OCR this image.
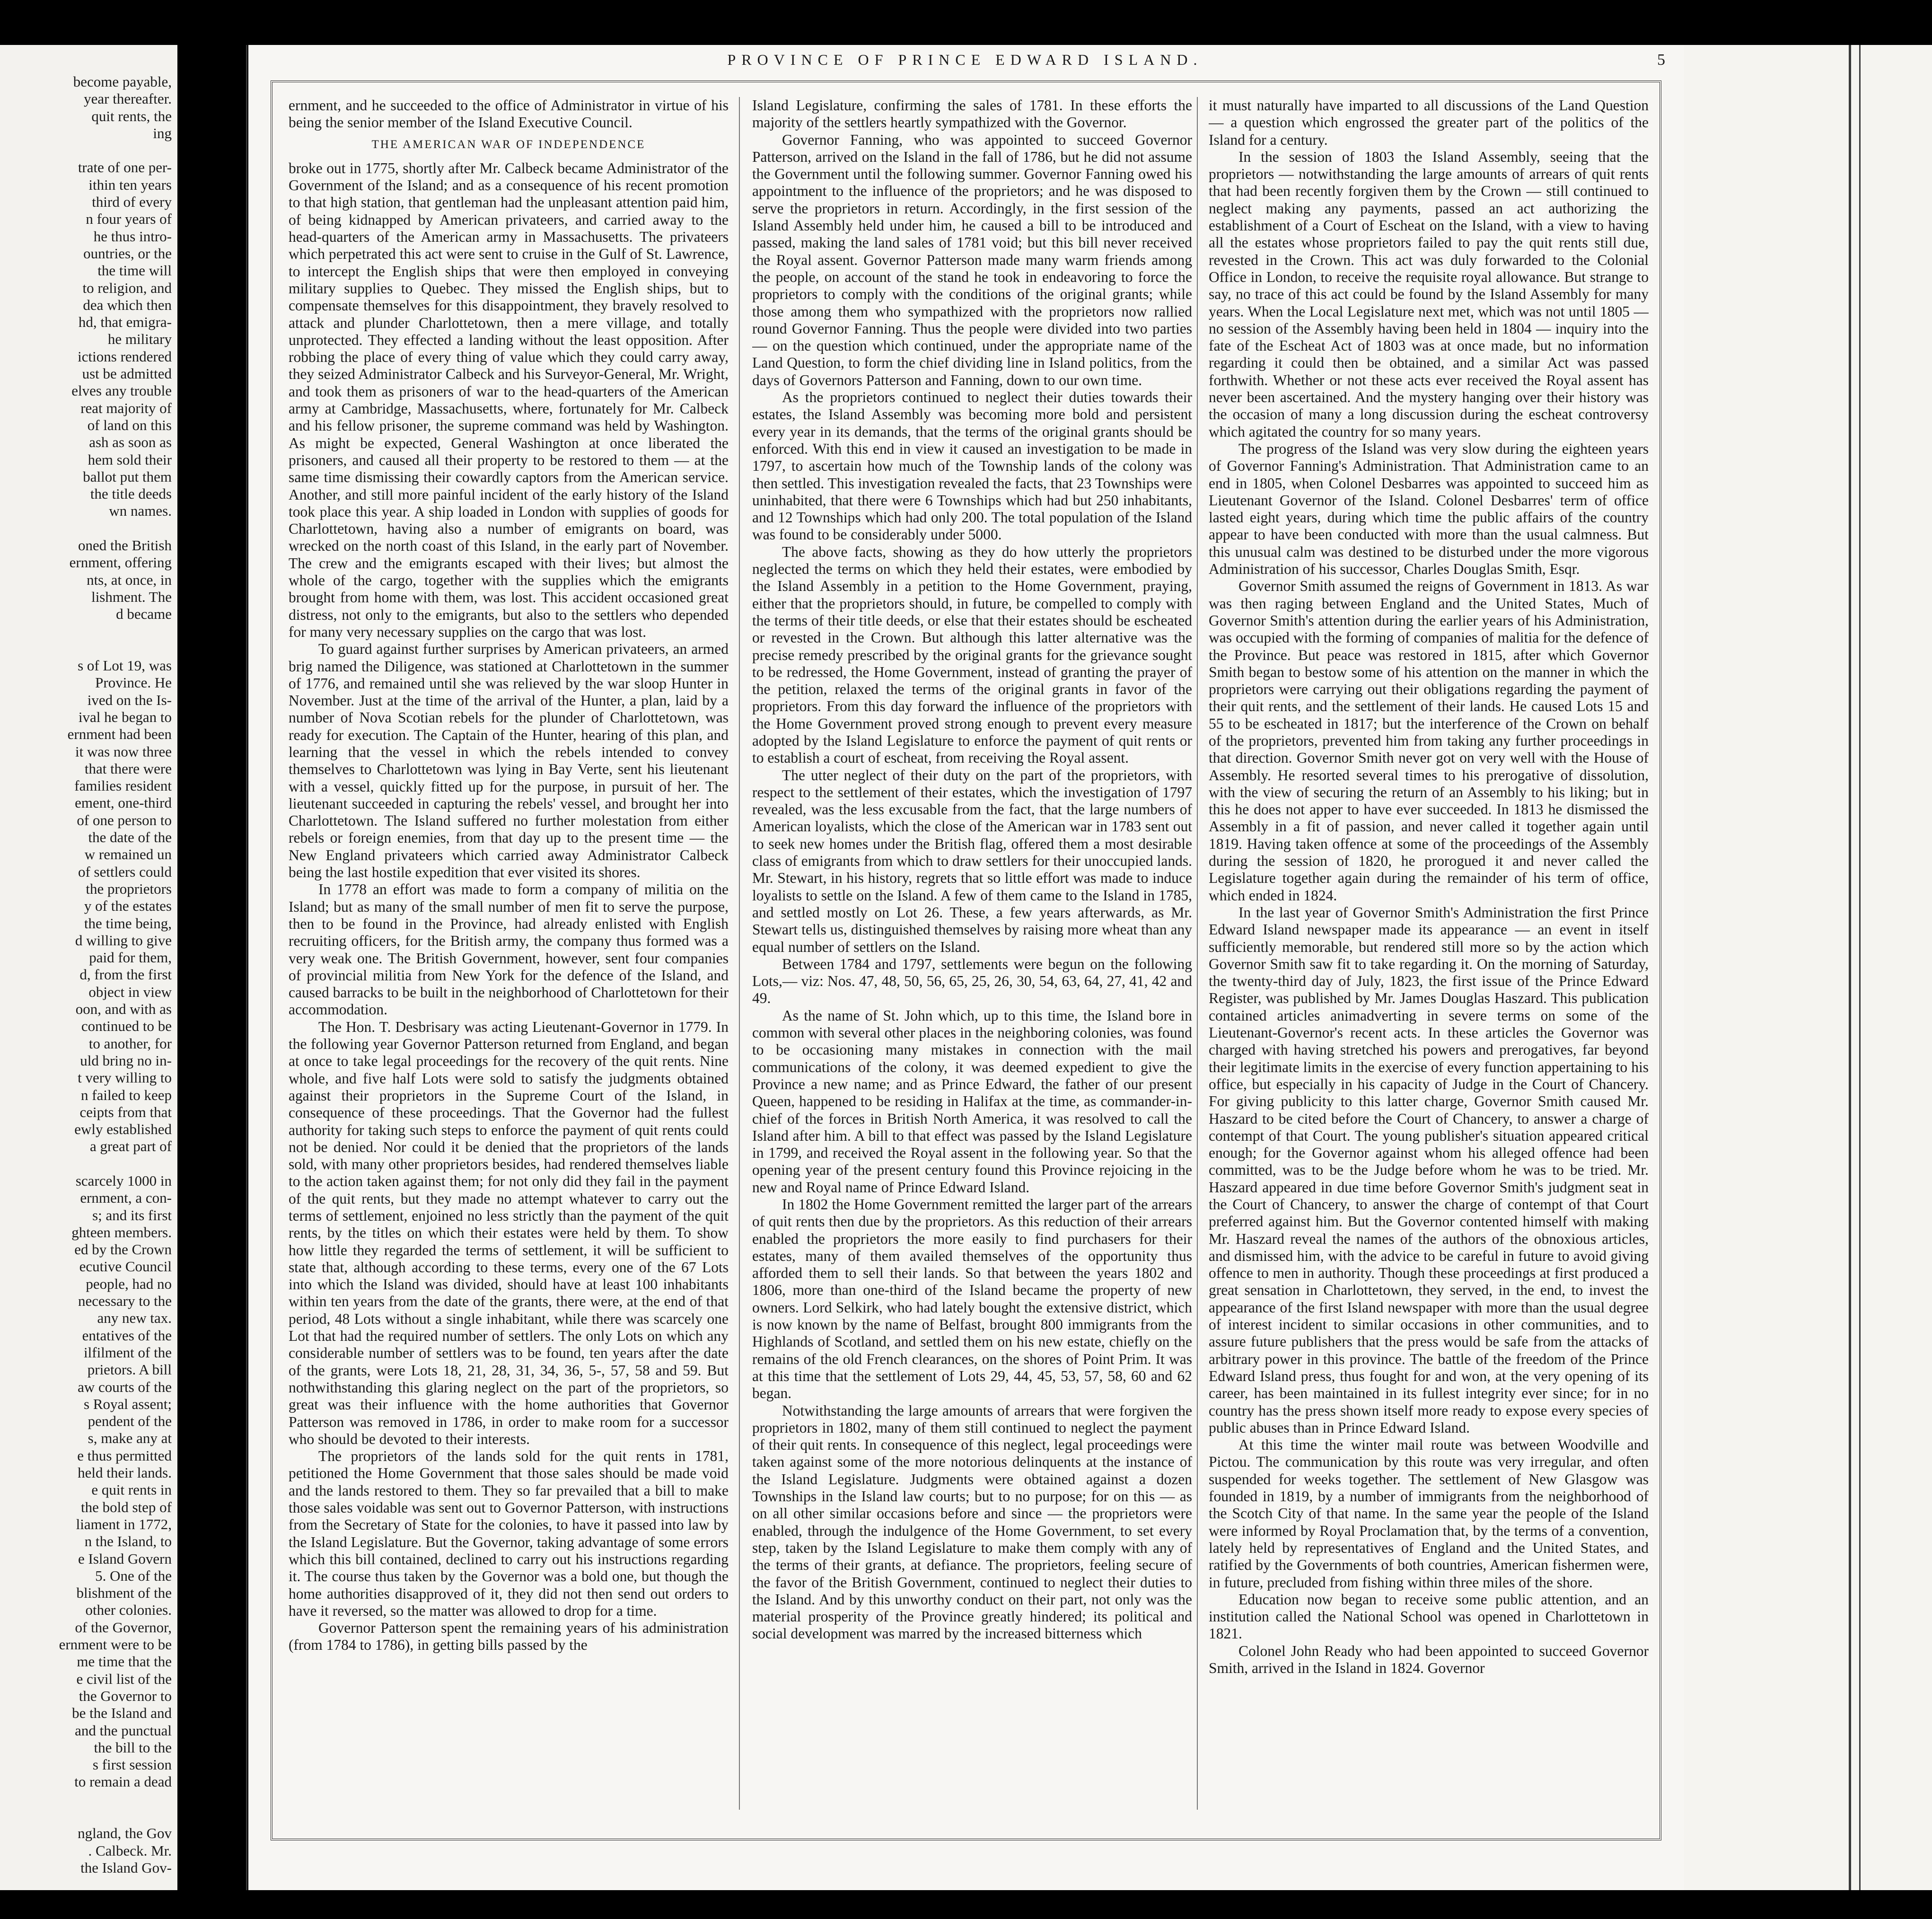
become payable,
year thereafter.
quit rents, the
ing
trate of one per-
ithin ten years
third of every
n four years of
he thus intro-
ountries, or the
the time will
to religion, and
dea which then
hd, that emigra-
he military
ictions rendered
ust be admitted
elves any trouble
reat majority of
of land on this
ash as soon as
hem sold their
ballot put them
the title deeds
wn names.
oned the British
ernment, offering
nts, at once, in
lishment. The
d became
s of Lot 19, was
Province. He
ived on the Is-
ival he began to
ernment had been
it was now three
that there were
families resident
ement, one-third
of one person to
the date of the
w remained un
of settlers could
the proprietors
y of the estates
the time being,
d willing to give
paid for them,
d, from the first
object in view
oon, and with as
continued to be
to another, for
uld bring no in-
t very willing to
n failed to keep
ceipts from that
ewly established
a great part of
scarcely 1000 in
ernment, a con-
s; and its first
ghteen members.
ed by the Crown
ecutive Council
people, had no
necessary to the
any new tax.
entatives of the
ilfilment of the
prietors. A bill
aw courts of the
s Royal assent;
pendent of the
s, make any at
e thus permitted
held their lands.
e quit rents in
the bold step of
liament in 1772,
n the Island, to
e Island Govern
5. One of the
blishment of the
other colonies.
of the Governor,
ernment were to be
me time that the
e civil list of the
the Governor to
be the Island and
and the punctual
the bill to the
s first session
to remain a dead
ngland, the Gov
. Calbeck. Mr.
the Island Gov-
PROVINCE OF PRINCE EDWARD ISLAND.	5

ernment, and he succeeded to the office of Administrator in virtue of his being the senior member of the Island Executive Council.

THE AMERICAN WAR OF INDEPENDENCE

broke out in 1775, shortly after Mr. Calbeck became Administrator of the Government of the Island; and as a consequence of his recent promotion to that high station, that gentleman had the unpleasant attention paid him, of being kidnapped by American privateers, and carried away to the head-quarters of the American army in Massachusetts. The privateers which perpetrated this act were sent to cruise in the Gulf of St. Lawrence, to intercept the English ships that were then employed in conveying military supplies to Quebec. They missed the English ships, but to compensate themselves for this disappointment, they bravely resolved to attack and plunder Charlottetown, then a mere village, and totally unprotected. They effected a landing without the least opposition. After robbing the place of every thing of value which they could carry away, they seized Administrator Calbeck and his Surveyor-General, Mr. Wright, and took them as prisoners of war to the head-quarters of the American army at Cambridge, Massachusetts, where, fortunately for Mr. Calbeck and his fellow prisoner, the supreme command was held by Washington. As might be expected, General Washington at once liberated the prisoners, and caused all their property to be restored to them — at the same time dismissing their cowardly captors from the American service. Another, and still more painful incident of the early history of the Island took place this year. A ship loaded in London with supplies of goods for Charlottetown, having also a number of emigrants on board, was wrecked on the north coast of this Island, in the early part of November. The crew and the emigrants escaped with their lives; but almost the whole of the cargo, together with the supplies which the emigrants brought from home with them, was lost. This accident occasioned great distress, not only to the emigrants, but also to the settlers who depended for many very necessary supplies on the cargo that was lost.

To guard against further surprises by American privateers, an armed brig named the Diligence, was stationed at Charlottetown in the summer of 1776, and remained until she was relieved by the war sloop Hunter in November. Just at the time of the arrival of the Hunter, a plan, laid by a number of Nova Scotian rebels for the plunder of Charlottetown, was ready for execution. The Captain of the Hunter, hearing of this plan, and learning that the vessel in which the rebels intended to convey themselves to Charlottetown was lying in Bay Verte, sent his lieutenant with a vessel, quickly fitted up for the purpose, in pursuit of her. The lieutenant succeeded in capturing the rebels' vessel, and brought her into Charlottetown. The Island suffered no further molestation from either rebels or foreign enemies, from that day up to the present time — the New England privateers which carried away Administrator Calbeck being the last hostile expedition that ever visited its shores.

In 1778 an effort was made to form a company of militia on the Island; but as many of the small number of men fit to serve the purpose, then to be found in the Province, had already enlisted with English recruiting officers, for the British army, the company thus formed was a very weak one. The British Government, however, sent four companies of provincial militia from New York for the defence of the Island, and caused barracks to be built in the neighborhood of Charlottetown for their accommodation.

The Hon. T. Desbrisary was acting Lieutenant-Governor in 1779. In the following year Governor Patterson returned from England, and began at once to take legal proceedings for the recovery of the quit rents. Nine whole, and five half Lots were sold to satisfy the judgments obtained against their proprietors in the Supreme Court of the Island, in consequence of these proceedings. That the Governor had the fullest authority for taking such steps to enforce the payment of quit rents could not be denied. Nor could it be denied that the proprietors of the lands sold, with many other proprietors besides, had rendered themselves liable to the action taken against them; for not only did they fail in the payment of the quit rents, but they made no attempt whatever to carry out the terms of settlement, enjoined no less strictly than the payment of the quit rents, by the titles on which their estates were held by them. To show how little they regarded the terms of settlement, it will be sufficient to state that, although according to these terms, every one of the 67 Lots into which the Island was divided, should have at least 100 inhabitants within ten years from the date of the grants, there were, at the end of that period, 48 Lots without a single inhabitant, while there was scarcely one Lot that had the required number of settlers. The only Lots on which any considerable number of settlers was to be found, ten years after the date of the grants, were Lots 18, 21, 28, 31, 34, 36, 5-, 57, 58 and 59. But nothwithstanding this glaring neglect on the part of the proprietors, so great was their influence with the home authorities that Governor Patterson was removed in 1786, in order to make room for a successor who should be devoted to their interests.

The proprietors of the lands sold for the quit rents in 1781, petitioned the Home Government that those sales should be made void and the lands restored to them. They so far prevailed that a bill to make those sales voidable was sent out to Governor Patterson, with instructions from the Secretary of State for the colonies, to have it passed into law by the Island Legislature. But the Governor, taking advantage of some errors which this bill contained, declined to carry out his instructions regarding it. The course thus taken by the Governor was a bold one, but though the home authorities disapproved of it, they did not then send out orders to have it reversed, so the matter was allowed to drop for a time.

Governor Patterson spent the remaining years of his administration (from 1784 to 1786), in getting bills passed by the

Island Legislature, confirming the sales of 1781. In these efforts the majority of the settlers heartly sympathized with the Governor.

Governor Fanning, who was appointed to succeed Governor Patterson, arrived on the Island in the fall of 1786, but he did not assume the Government until the following summer. Governor Fanning owed his appointment to the influence of the proprietors; and he was disposed to serve the proprietors in return. Accordingly, in the first session of the Island Assembly held under him, he caused a bill to be introduced and passed, making the land sales of 1781 void; but this bill never received the Royal assent. Governor Patterson made many warm friends among the people, on account of the stand he took in endeavoring to force the proprietors to comply with the conditions of the original grants; while those among them who sympathized with the proprietors now rallied round Governor Fanning. Thus the people were divided into two parties — on the question which continued, under the appropriate name of the Land Question, to form the chief dividing line in Island politics, from the days of Governors Patterson and Fanning, down to our own time.

As the proprietors continued to neglect their duties towards their estates, the Island Assembly was becoming more bold and persistent every year in its demands, that the terms of the original grants should be enforced. With this end in view it caused an investigation to be made in 1797, to ascertain how much of the Township lands of the colony was then settled. This investigation revealed the facts, that 23 Townships were uninhabited, that there were 6 Townships which had but 250 inhabitants, and 12 Townships which had only 200. The total population of the Island was found to be considerably under 5000.

The above facts, showing as they do how utterly the proprietors neglected the terms on which they held their estates, were embodied by the Island Assembly in a petition to the Home Government, praying, either that the proprietors should, in future, be compelled to comply with the terms of their title deeds, or else that their estates should be escheated or revested in the Crown. But although this latter alternative was the precise remedy prescribed by the original grants for the grievance sought to be redressed, the Home Government, instead of granting the prayer of the petition, relaxed the terms of the original grants in favor of the proprietors. From this day forward the influence of the proprietors with the Home Government proved strong enough to prevent every measure adopted by the Island Legislature to enforce the payment of quit rents or to establish a court of escheat, from receiving the Royal assent.

The utter neglect of their duty on the part of the proprietors, with respect to the settlement of their estates, which the investigation of 1797 revealed, was the less excusable from the fact, that the large numbers of American loyalists, which the close of the American war in 1783 sent out to seek new homes under the British flag, offered them a most desirable class of emigrants from which to draw settlers for their unoccupied lands. Mr. Stewart, in his history, regrets that so little effort was made to induce loyalists to settle on the Island. A few of them came to the Island in 1785, and settled mostly on Lot 26. These, a few years afterwards, as Mr. Stewart tells us, distinguished themselves by raising more wheat than any equal number of settlers on the Island.

Between 1784 and 1797, settlements were begun on the following Lots,— viz: Nos. 47, 48, 50, 56, 65, 25, 26, 30, 54, 63, 64, 27, 41, 42 and 49.

As the name of St. John which, up to this time, the Island bore in common with several other places in the neighboring colonies, was found to be occasioning many mistakes in connection with the mail communications of the colony, it was deemed expedient to give the Province a new name; and as Prince Edward, the father of our present Queen, happened to be residing in Halifax at the time, as commander-in-chief of the forces in British North America, it was resolved to call the Island after him. A bill to that effect was passed by the Island Legislature in 1799, and received the Royal assent in the following year. So that the opening year of the present century found this Province rejoicing in the new and Royal name of Prince Edward Island.

In 1802 the Home Government remitted the larger part of the arrears of quit rents then due by the proprietors. As this reduction of their arrears enabled the proprietors the more easily to find purchasers for their estates, many of them availed themselves of the opportunity thus afforded them to sell their lands. So that between the years 1802 and 1806, more than one-third of the Island became the property of new owners. Lord Selkirk, who had lately bought the extensive district, which is now known by the name of Belfast, brought 800 immigrants from the Highlands of Scotland, and settled them on his new estate, chiefly on the remains of the old French clearances, on the shores of Point Prim. It was at this time that the settlement of Lots 29, 44, 45, 53, 57, 58, 60 and 62 began.

Notwithstanding the large amounts of arrears that were forgiven the proprietors in 1802, many of them still continued to neglect the payment of their quit rents. In consequence of this neglect, legal proceedings were taken against some of the more notorious delinquents at the instance of the Island Legislature. Judgments were obtained against a dozen Townships in the Island law courts; but to no purpose; for on this — as on all other similar occasions before and since — the proprietors were enabled, through the indulgence of the Home Government, to set every step, taken by the Island Legislature to make them comply with any of the terms of their grants, at defiance. The proprietors, feeling secure of the favor of the British Government, continued to neglect their duties to the Island. And by this unworthy conduct on their part, not only was the material prosperity of the Province greatly hindered; its political and social development was marred by the increased bitterness which

it must naturally have imparted to all discussions of the Land Question — a question which engrossed the greater part of the politics of the Island for a century.

In the session of 1803 the Island Assembly, seeing that the proprietors — notwithstanding the large amounts of arrears of quit rents that had been recently forgiven them by the Crown — still continued to neglect making any payments, passed an act authorizing the establishment of a Court of Escheat on the Island, with a view to having all the estates whose proprietors failed to pay the quit rents still due, revested in the Crown. This act was duly forwarded to the Colonial Office in London, to receive the requisite royal allowance. But strange to say, no trace of this act could be found by the Island Assembly for many years. When the Local Legislature next met, which was not until 1805 — no session of the Assembly having been held in 1804 — inquiry into the fate of the Escheat Act of 1803 was at once made, but no information regarding it could then be obtained, and a similar Act was passed forthwith. Whether or not these acts ever received the Royal assent has never been ascertained. And the mystery hanging over their history was the occasion of many a long discussion during the escheat controversy which agitated the country for so many years.

The progress of the Island was very slow during the eighteen years of Governor Fanning's Administration. That Administration came to an end in 1805, when Colonel Desbarres was appointed to succeed him as Lieutenant Governor of the Island. Colonel Desbarres' term of office lasted eight years, during which time the public affairs of the country appear to have been conducted with more than the usual calmness. But this unusual calm was destined to be disturbed under the more vigorous Administration of his successor, Charles Douglas Smith, Esqr.

Governor Smith assumed the reigns of Government in 1813. As war was then raging between England and the United States, Much of Governor Smith's attention during the earlier years of his Administration, was occupied with the forming of companies of malitia for the defence of the Province. But peace was restored in 1815, after which Governor Smith began to bestow some of his attention on the manner in which the proprietors were carrying out their obligations regarding the payment of their quit rents, and the settlement of their lands. He caused Lots 15 and 55 to be escheated in 1817; but the interference of the Crown on behalf of the proprietors, prevented him from taking any further proceedings in that direction. Governor Smith never got on very well with the House of Assembly. He resorted several times to his prerogative of dissolution, with the view of securing the return of an Assembly to his liking; but in this he does not apper to have ever succeeded. In 1813 he dismissed the Assembly in a fit of passion, and never called it together again until 1819. Having taken offence at some of the proceedings of the Assembly during the session of 1820, he prorogued it and never called the Legislature together again during the remainder of his term of office, which ended in 1824.

In the last year of Governor Smith's Administration the first Prince Edward Island newspaper made its appearance — an event in itself sufficiently memorable, but rendered still more so by the action which Governor Smith saw fit to take regarding it. On the morning of Saturday, the twenty-third day of July, 1823, the first issue of the Prince Edward Register, was published by Mr. James Douglas Haszard. This publication contained articles animadverting in severe terms on some of the Lieutenant-Governor's recent acts. In these articles the Governor was charged with having stretched his powers and prerogatives, far beyond their legitimate limits in the exercise of every function appertaining to his office, but especially in his capacity of Judge in the Court of Chancery. For giving publicity to this latter charge, Governor Smith caused Mr. Haszard to be cited before the Court of Chancery, to answer a charge of contempt of that Court. The young publisher's situation appeared critical enough; for the Governor against whom his alleged offence had been committed, was to be the Judge before whom he was to be tried. Mr. Haszard appeared in due time before Governor Smith's judgment seat in the Court of Chancery, to answer the charge of contempt of that Court preferred against him. But the Governor contented himself with making Mr. Haszard reveal the names of the authors of the obnoxious articles, and dismissed him, with the advice to be careful in future to avoid giving offence to men in authority. Though these proceedings at first produced a great sensation in Charlottetown, they served, in the end, to invest the appearance of the first Island newspaper with more than the usual degree of interest incident to similar occasions in other communities, and to assure future publishers that the press would be safe from the attacks of arbitrary power in this province. The battle of the freedom of the Prince Edward Island press, thus fought for and won, at the very opening of its career, has been maintained in its fullest integrity ever since; for in no country has the press shown itself more ready to expose every species of public abuses than in Prince Edward Island.

At this time the winter mail route was between Woodville and Pictou. The communication by this route was very irregular, and often suspended for weeks together. The settlement of New Glasgow was founded in 1819, by a number of immigrants from the neighborhood of the Scotch City of that name. In the same year the people of the Island were informed by Royal Proclamation that, by the terms of a convention, lately held by representatives of England and the United States, and ratified by the Governments of both countries, American fishermen were, in future, precluded from fishing within three miles of the shore.

Education now began to receive some public attention, and an institution called the National School was opened in Charlottetown in 1821.

Colonel John Ready who had been appointed to succeed Governor Smith, arrived in the Island in 1824. Governor
